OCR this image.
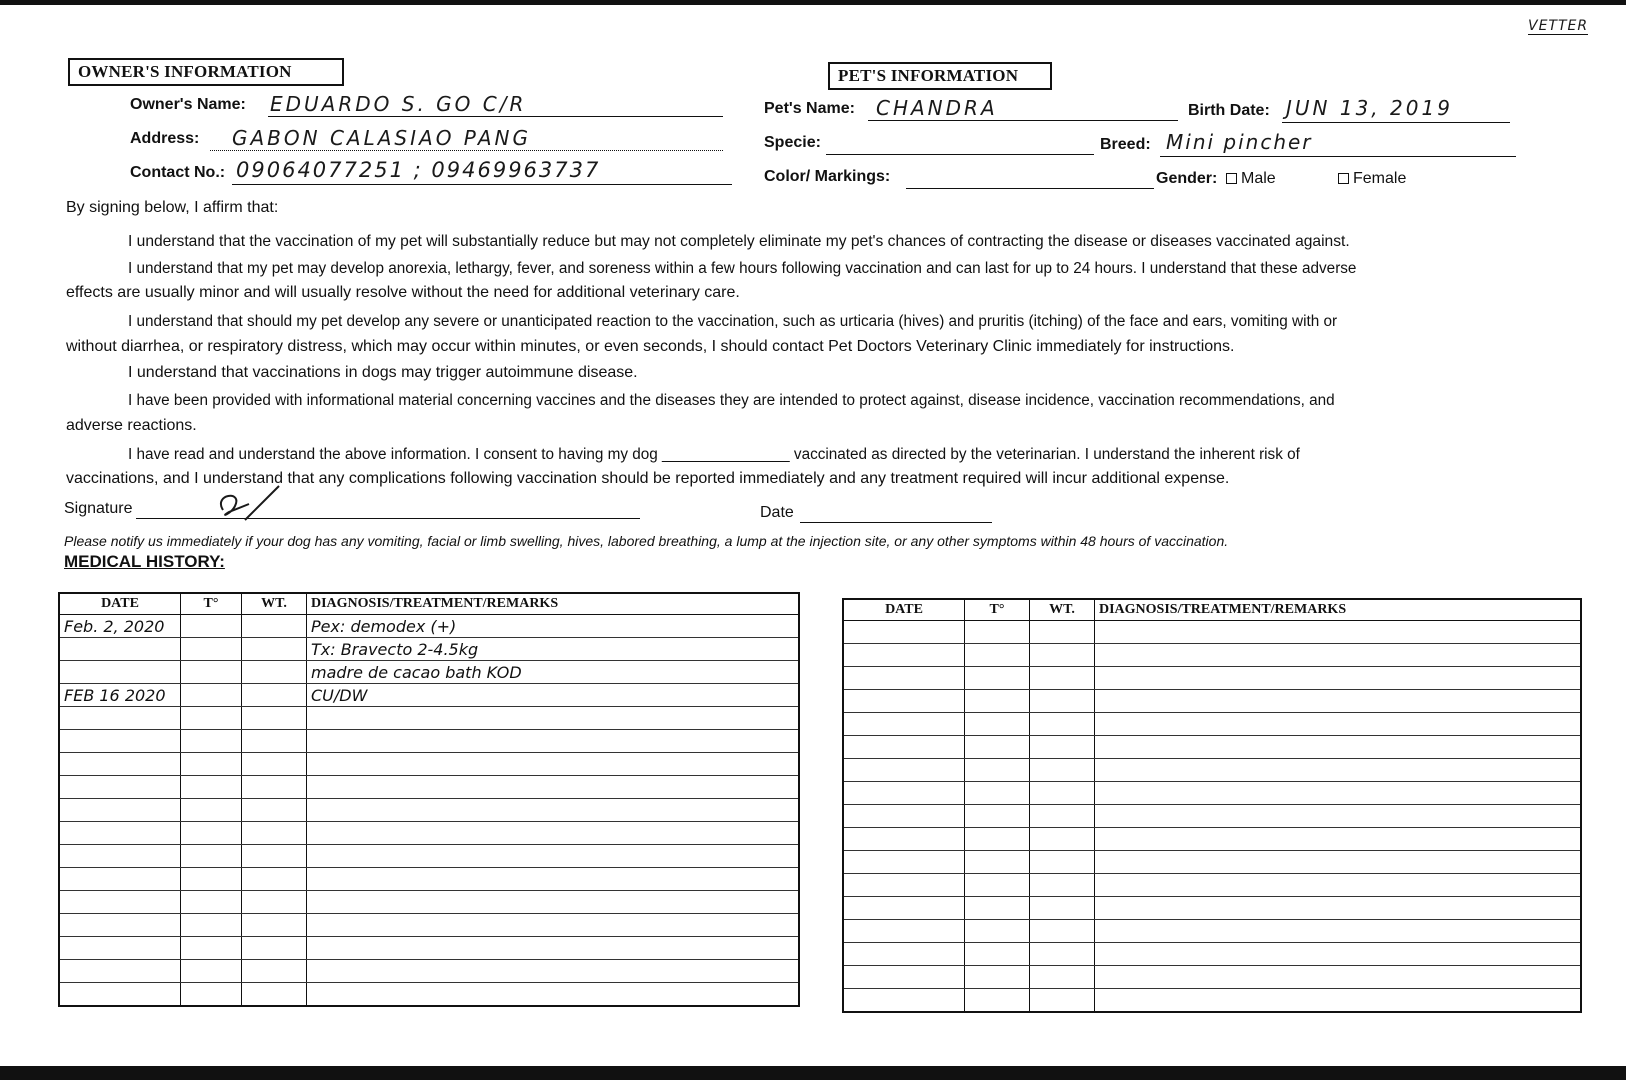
VETTER
OWNER'S INFORMATION
Owner's Name: EDUARDO S. GO C/R
Address: GABON CALASIAO PANG
Contact No.: 09064077251 ; 09469963737
PET'S INFORMATION
Pet's Name: CHANDRA	Birth Date: JUN 13, 2019
Specie:	Breed: Mini pincher
Color/ Markings:	Gender:	Male	Female
By signing below, I affirm that:
I understand that the vaccination of my pet will substantially reduce but may not completely eliminate my pet's chances of contracting the disease or diseases vaccinated against.
I understand that my pet may develop anorexia, lethargy, fever, and soreness within a few hours following vaccination and can last for up to 24 hours. I understand that these adverse
effects are usually minor and will usually resolve without the need for additional veterinary care.
I understand that should my pet develop any severe or unanticipated reaction to the vaccination, such as urticaria (hives) and pruritis (itching) of the face and ears, vomiting with or
without diarrhea, or respiratory distress, which may occur within minutes, or even seconds, I should contact Pet Doctors Veterinary Clinic immediately for instructions.
I understand that vaccinations in dogs may trigger autoimmune disease.
I have been provided with informational material concerning vaccines and the diseases they are intended to protect against, disease incidence, vaccination recommendations, and
adverse reactions.
I have read and understand the above information. I consent to having my dog _______________ vaccinated as directed by the veterinarian. I understand the inherent risk of
vaccinations, and I understand that any complications following vaccination should be reported immediately and any treatment required will incur additional expense.
Signature	Date
Please notify us immediately if your dog has any vomiting, facial or limb swelling, hives, labored breathing, a lump at the injection site, or any other symptoms within 48 hours of vaccination.
MEDICAL HISTORY:
DATE	T°	WT.	DIAGNOSIS/TREATMENT/REMARKS
Feb. 2, 2020			Pex: demodex (+)
			Tx: Bravecto 2-4.5kg
			madre de cacao bath KOD
FEB 16 2020			CU/DW

DATE	T°	WT.	DIAGNOSIS/TREATMENT/REMARKS
